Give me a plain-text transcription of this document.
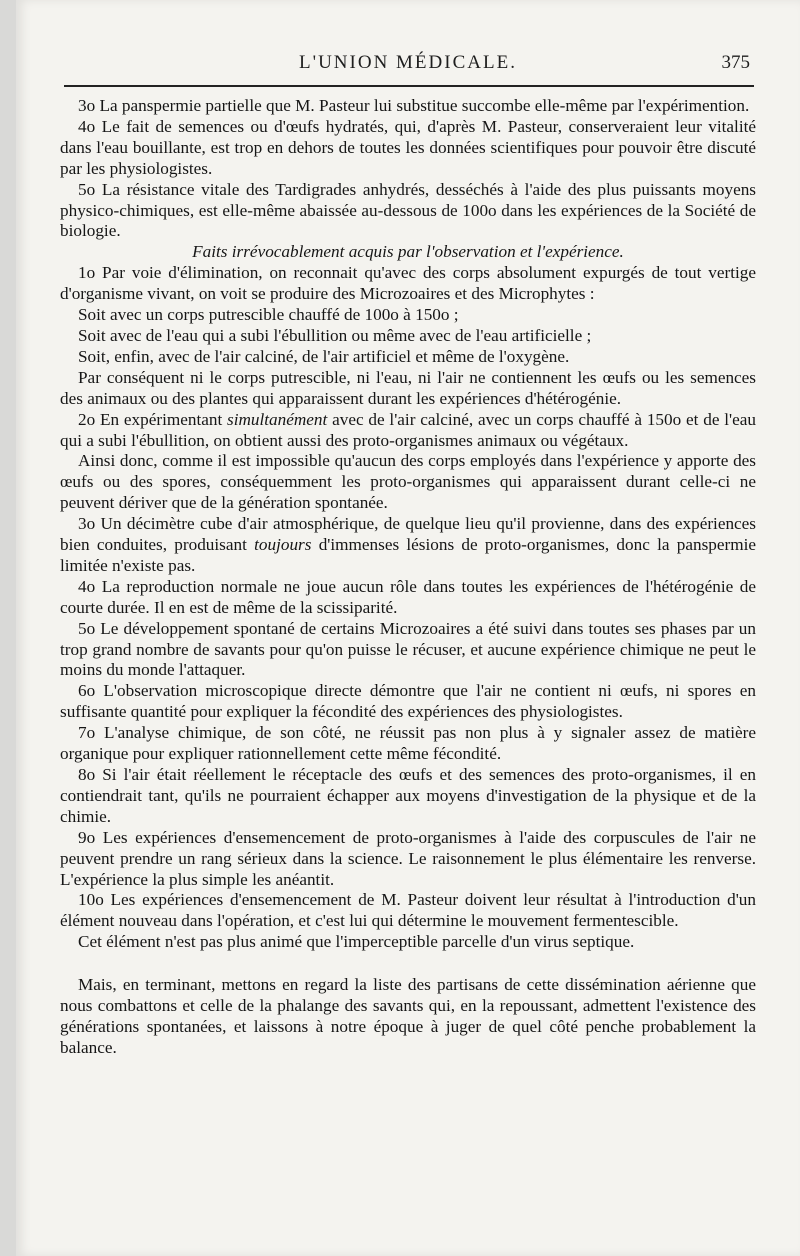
L'UNION MÉDICALE.	375

3o La panspermie partielle que M. Pasteur lui substitue succombe elle-même par l'expérimention.

4o Le fait de semences ou d'œufs hydratés, qui, d'après M. Pasteur, conserveraient leur vitalité dans l'eau bouillante, est trop en dehors de toutes les données scientifiques pour pouvoir être discuté par les physiologistes.

5o La résistance vitale des Tardigrades anhydrés, desséchés à l'aide des plus puissants moyens physico-chimiques, est elle-même abaissée au-dessous de 100o dans les expériences de la Société de biologie.

Faits irrévocablement acquis par l'observation et l'expérience.

1o Par voie d'élimination, on reconnait qu'avec des corps absolument expurgés de tout vertige d'organisme vivant, on voit se produire des Microzoaires et des Microphytes :

Soit avec un corps putrescible chauffé de 100o à 150o ;

Soit avec de l'eau qui a subi l'ébullition ou même avec de l'eau artificielle ;

Soit, enfin, avec de l'air calciné, de l'air artificiel et même de l'oxygène.

Par conséquent ni le corps putrescible, ni l'eau, ni l'air ne contiennent les œufs ou les semences des animaux ou des plantes qui apparaissent durant les expériences d'hétérogénie.

2o En expérimentant simultanément avec de l'air calciné, avec un corps chauffé à 150o et de l'eau qui a subi l'ébullition, on obtient aussi des proto-organismes animaux ou végétaux.

Ainsi donc, comme il est impossible qu'aucun des corps employés dans l'expérience y apporte des œufs ou des spores, conséquemment les proto-organismes qui apparaissent durant celle-ci ne peuvent dériver que de la génération spontanée.

3o Un décimètre cube d'air atmosphérique, de quelque lieu qu'il provienne, dans des expériences bien conduites, produisant toujours d'immenses lésions de proto-organismes, donc la panspermie limitée n'existe pas.

4o La reproduction normale ne joue aucun rôle dans toutes les expériences de l'hétérogénie de courte durée. Il en est de même de la scissiparité.

5o Le développement spontané de certains Microzoaires a été suivi dans toutes ses phases par un trop grand nombre de savants pour qu'on puisse le récuser, et aucune expérience chimique ne peut le moins du monde l'attaquer.

6o L'observation microscopique directe démontre que l'air ne contient ni œufs, ni spores en suffisante quantité pour expliquer la fécondité des expériences des physiologistes.

7o L'analyse chimique, de son côté, ne réussit pas non plus à y signaler assez de matière organique pour expliquer rationnellement cette même fécondité.

8o Si l'air était réellement le réceptacle des œufs et des semences des proto-organismes, il en contiendrait tant, qu'ils ne pourraient échapper aux moyens d'investigation de la physique et de la chimie.

9o Les expériences d'ensemencement de proto-organismes à l'aide des corpuscules de l'air ne peuvent prendre un rang sérieux dans la science. Le raisonnement le plus élémentaire les renverse. L'expérience la plus simple les anéantit.

10o Les expériences d'ensemencement de M. Pasteur doivent leur résultat à l'introduction d'un élément nouveau dans l'opération, et c'est lui qui détermine le mouvement fermentescible.

Cet élément n'est pas plus animé que l'imperceptible parcelle d'un virus septique.

Mais, en terminant, mettons en regard la liste des partisans de cette dissémination aérienne que nous combattons et celle de la phalange des savants qui, en la repoussant, admettent l'existence des générations spontanées, et laissons à notre époque à juger de quel côté penche probablement la balance.
